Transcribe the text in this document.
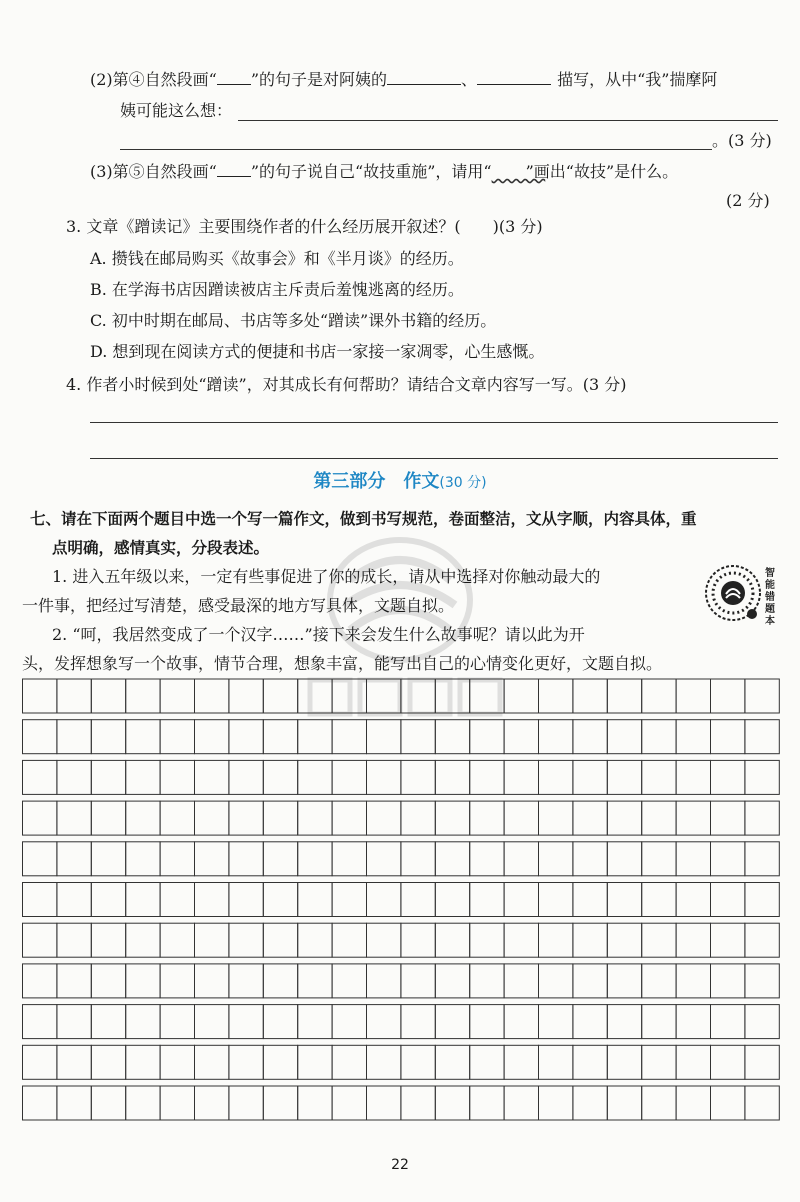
(2)第④自然段画“ ”的句子是对阿姨的	、	描写，从中“我”揣摩阿
姨可能这么想：
。(3 分)
(3)第⑤自然段画“ ”的句子说自己“故技重施”，请用“ ”画出“故技”是什么。
(2 分)
3. 文章《蹭读记》主要围绕作者的什么经历展开叙述？(　　)(3 分)
A. 攒钱在邮局购买《故事会》和《半月谈》的经历。
B. 在学海书店因蹭读被店主斥责后羞愧逃离的经历。
C. 初中时期在邮局、书店等多处“蹭读”课外书籍的经历。
D. 想到现在阅读方式的便捷和书店一家接一家凋零，心生感慨。
4. 作者小时候到处“蹭读”，对其成长有何帮助？请结合文章内容写一写。(3 分)
第三部分　作文(30 分)
七、请在下面两个题目中选一个写一篇作文，做到书写规范，卷面整洁，文从字顺，内容具体，重
点明确，感情真实，分段表述。
1. 进入五年级以来，一定有些事促进了你的成长，请从中选择对你触动最大的
一件事，把经过写清楚，感受最深的地方写具体，文题自拟。
2. “呵，我居然变成了一个汉字……”接下来会发生什么故事呢？请以此为开
头，发挥想象写一个故事，情节合理，想象丰富，能写出自己的心情变化更好，文题自拟。
智能错题本
22
